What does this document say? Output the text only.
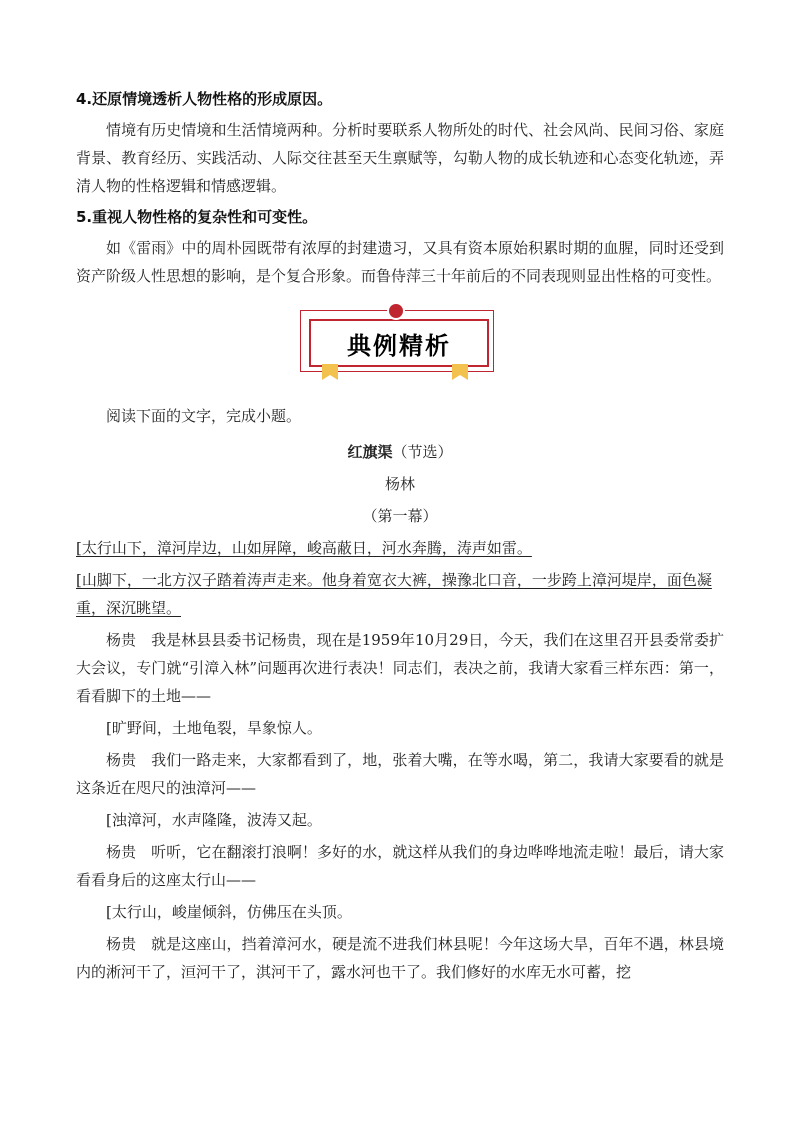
4.还原情境透析人物性格的形成原因。

情境有历史情境和生活情境两种。分析时要联系人物所处的时代、社会风尚、民间习俗、家庭背景、教育经历、实践活动、人际交往甚至天生禀赋等，勾勒人物的成长轨迹和心态变化轨迹，弄清人物的性格逻辑和情感逻辑。

5.重视人物性格的复杂性和可变性。

如《雷雨》中的周朴园既带有浓厚的封建遗习，又具有资本原始积累时期的血腥，同时还受到资产阶级人性思想的影响，是个复合形象。而鲁侍萍三十年前后的不同表现则显出性格的可变性。

典例精析

阅读下面的文字，完成小题。

红旗渠（节选）

杨林

（第一幕）

[太行山下，漳河岸边，山如屏障，峻高蔽日，河水奔腾，涛声如雷。

[山脚下，一北方汉子踏着涛声走来。他身着宽衣大裤，操豫北口音，一步跨上漳河堤岸，面色凝重，深沉眺望。

杨贵 我是林县县委书记杨贵，现在是1959年10月29日，今天，我们在这里召开县委常委扩大会议，专门就“引漳入林”问题再次进行表决！同志们，表决之前，我请大家看三样东西：第一，看看脚下的土地——

[旷野间，土地龟裂，旱象惊人。

杨贵 我们一路走来，大家都看到了，地，张着大嘴，在等水喝，第二，我请大家要看的就是这条近在咫尺的浊漳河——

[浊漳河，水声隆隆，波涛又起。

杨贵 听听，它在翻滚打浪啊！多好的水，就这样从我们的身边哗哗地流走啦！最后，请大家看看身后的这座太行山——

[太行山，峻崖倾斜，仿佛压在头顶。

杨贵 就是这座山，挡着漳河水，硬是流不进我们林县呢！今年这场大旱，百年不遇，林县境内的淅河干了，洹河干了，淇河干了，露水河也干了。我们修好的水库无水可蓄，挖
